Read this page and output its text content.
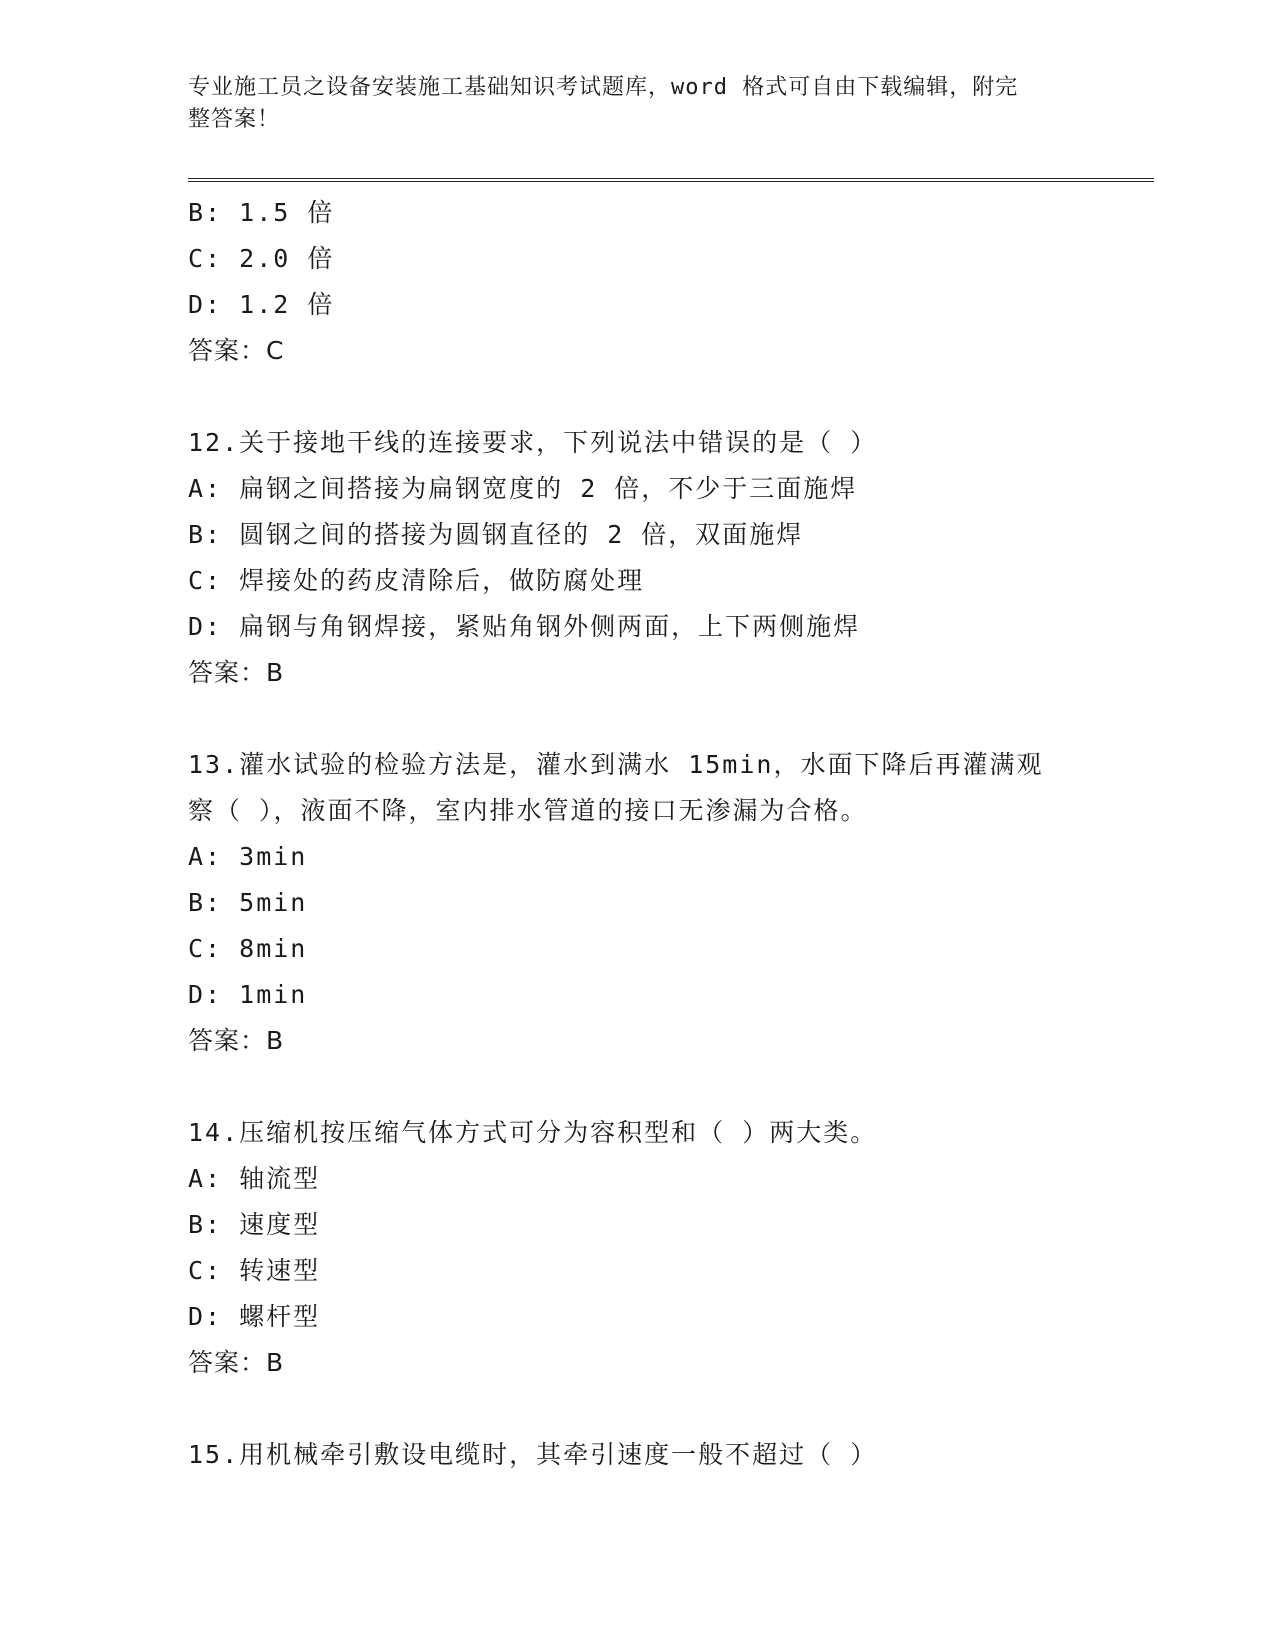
专业施工员之设备安装施工基础知识考试题库，word 格式可自由下载编辑，附完
整答案！
B: 1.5 倍
C: 2.0 倍
D: 1.2 倍
答案：C
12.关于接地干线的连接要求，下列说法中错误的是（ ）
A: 扁钢之间搭接为扁钢宽度的 2 倍，不少于三面施焊
B: 圆钢之间的搭接为圆钢直径的 2 倍，双面施焊
C: 焊接处的药皮清除后，做防腐处理
D: 扁钢与角钢焊接，紧贴角钢外侧两面，上下两侧施焊
答案：B
13.灌水试验的检验方法是，灌水到满水 15min，水面下降后再灌满观
察（ ），液面不降，室内排水管道的接口无渗漏为合格。
A: 3min
B: 5min
C: 8min
D: 1min
答案：B
14.压缩机按压缩气体方式可分为容积型和（ ）两大类。
A: 轴流型
B: 速度型
C: 转速型
D: 螺杆型
答案：B
15.用机械牵引敷设电缆时，其牵引速度一般不超过（ ）
